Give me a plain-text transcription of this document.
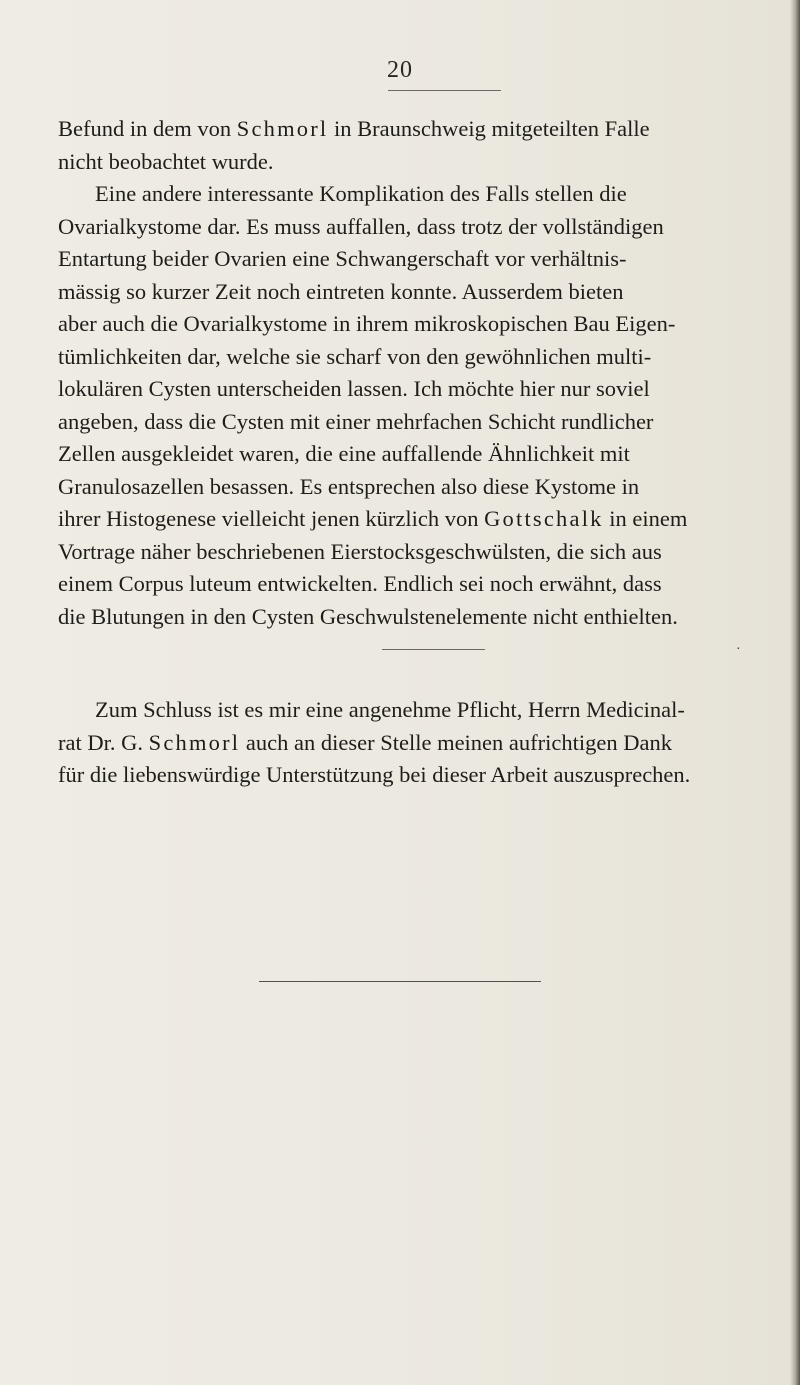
20
Befund in dem von Schmorl in Braunschweig mitgeteilten Falle
nicht beobachtet wurde.
Eine andere interessante Komplikation des Falls stellen die
Ovarialkystome dar. Es muss auffallen, dass trotz der vollständigen
Entartung beider Ovarien eine Schwangerschaft vor verhältnis-
mässig so kurzer Zeit noch eintreten konnte. Ausserdem bieten
aber auch die Ovarialkystome in ihrem mikroskopischen Bau Eigen-
tümlichkeiten dar, welche sie scharf von den gewöhnlichen multi-
lokulären Cysten unterscheiden lassen. Ich möchte hier nur soviel
angeben, dass die Cysten mit einer mehrfachen Schicht rundlicher
Zellen ausgekleidet waren, die eine auffallende Ähnlichkeit mit
Granulosazellen besassen. Es entsprechen also diese Kystome in
ihrer Histogenese vielleicht jenen kürzlich von Gottschalk in einem
Vortrage näher beschriebenen Eierstocksgeschwülsten, die sich aus
einem Corpus luteum entwickelten. Endlich sei noch erwähnt, dass
die Blutungen in den Cysten Geschwulstenelemente nicht enthielten.
·
Zum Schluss ist es mir eine angenehme Pflicht, Herrn Medicinal-
rat Dr. G. Schmorl auch an dieser Stelle meinen aufrichtigen Dank
für die liebenswürdige Unterstützung bei dieser Arbeit auszusprechen.
